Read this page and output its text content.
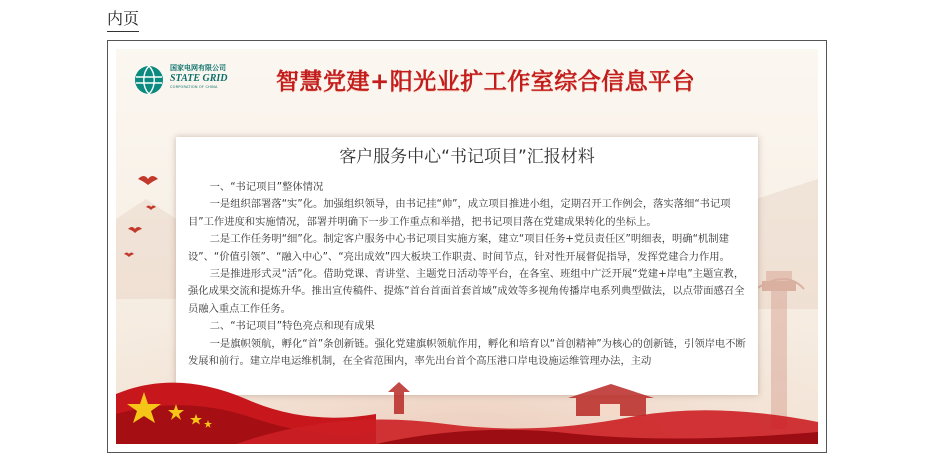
内页
国家电网有限公司
STATE GRID
CORPORATION OF CHINA	智慧党建+阳光业扩工作室综合信息平台
客户服务中心“书记项目”汇报材料

一、“书记项目”整体情况

一是组织部署落“实”化。加强组织领导，由书记挂“帅”，成立项目推进小组，定期召开工作例会，落实落细“书记项目”工作进度和实施情况，部署并明确下一步工作重点和举措，把书记项目落在党建成果转化的坐标上。

二是工作任务明“细”化。制定客户服务中心书记项目实施方案，建立“项目任务+党员责任区”明细表，明确“机制建设”、“价值引领”、“融入中心”、“亮出成效”四大板块工作职责、时间节点，针对性开展督促指导，发挥党建合力作用。

三是推进形式灵“活”化。借助党课、青讲堂、主题党日活动等平台，在各室、班组中广泛开展“党建+岸电”主题宣教，强化成果交流和提炼升华。推出宣传稿件、提炼“首台首面首套首域”成效等多视角传播岸电系列典型做法，以点带面感召全员融入重点工作任务。

二、“书记项目”特色亮点和现有成果

一是旗帜领航，孵化“首”条创新链。强化党建旗帜领航作用，孵化和培育以“首创精神”为核心的创新链，引领岸电不断发展和前行。建立岸电运维机制，在全省范围内，率先出台首个高压港口岸电设施运维管理办法，主动
